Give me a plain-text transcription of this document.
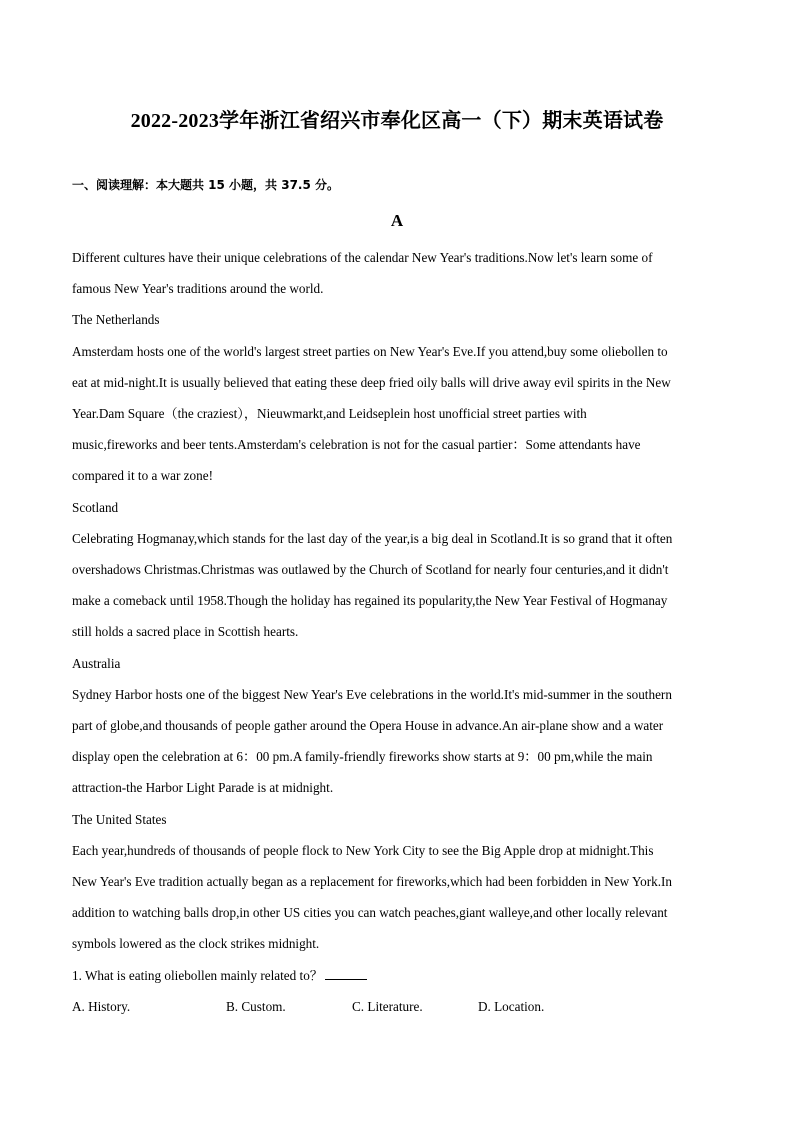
2022-2023学年浙江省绍兴市奉化区高一（下）期末英语试卷
一、阅读理解：本大题共 15 小题，共 37.5 分。
A
Different cultures have their unique celebrations of the calendar New Year's traditions.Now let's learn some of
famous New Year's traditions around the world.
The Netherlands
Amsterdam hosts one of the world's largest street parties on New Year's Eve.If you attend,buy some oliebollen to
eat at mid-night.It is usually believed that eating these deep fried oily balls will drive away evil spirits in the New
Year.Dam Square（the craziest），Nieuwmarkt,and Leidseplein host unofficial street parties with
music,fireworks and beer tents.Amsterdam's celebration is not for the casual partier：Some attendants have
compared it to a war zone!
Scotland
Celebrating Hogmanay,which stands for the last day of the year,is a big deal in Scotland.It is so grand that it often
overshadows Christmas.Christmas was outlawed by the Church of Scotland for nearly four centuries,and it didn't
make a comeback until 1958.Though the holiday has regained its popularity,the New Year Festival of Hogmanay
still holds a sacred place in Scottish hearts.
Australia
Sydney Harbor hosts one of the biggest New Year's Eve celebrations in the world.It's mid-summer in the southern
part of globe,and thousands of people gather around the Opera House in advance.An air-plane show and a water
display open the celebration at 6：00 pm.A family-friendly fireworks show starts at 9：00 pm,while the main
attraction-the Harbor Light Parade is at midnight.
The United States
Each year,hundreds of thousands of people flock to New York City to see the Big Apple drop at midnight.This
New Year's Eve tradition actually began as a replacement for fireworks,which had been forbidden in New York.In
addition to watching balls drop,in other US cities you can watch peaches,giant walleye,and other locally relevant
symbols lowered as the clock strikes midnight.
1. What is eating oliebollen mainly related to？
A. History.	B. Custom.	C. Literature.	D. Location.
